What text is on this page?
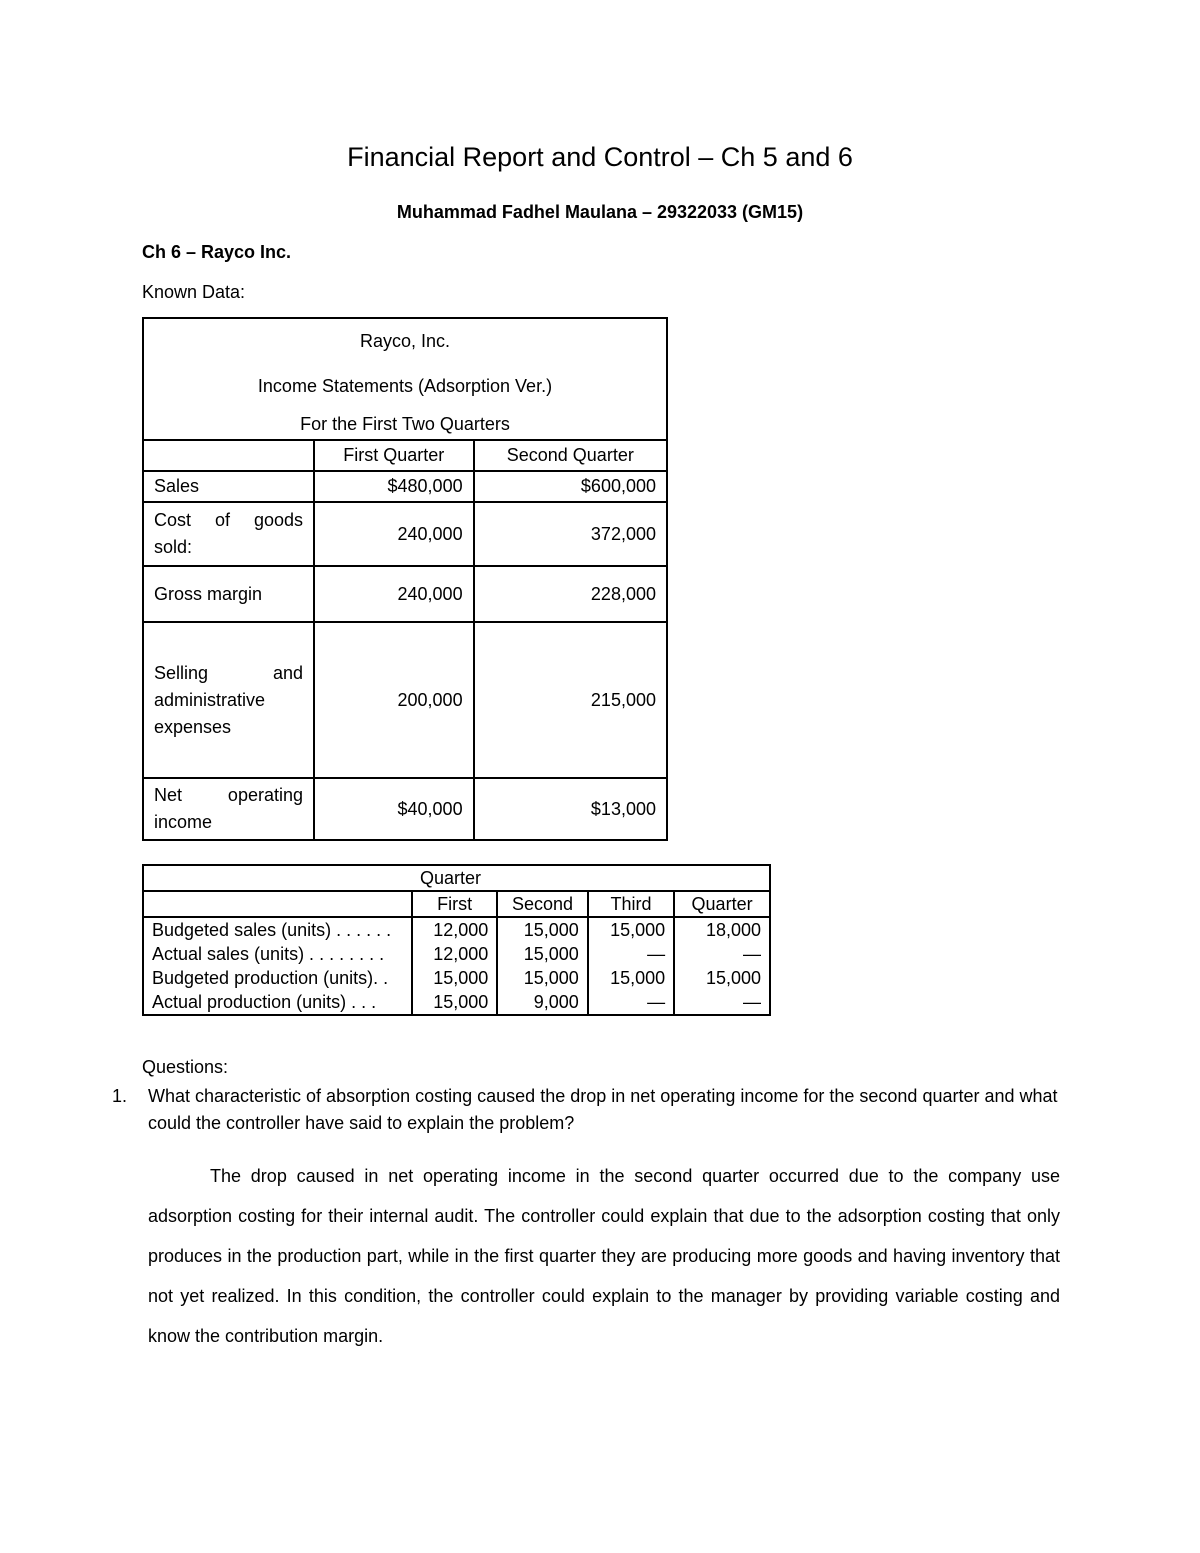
Financial Report and Control – Ch 5 and 6
Muhammad Fadhel Maulana – 29322033 (GM15)
Ch 6 – Rayco Inc.
Known Data:
Rayco, Inc.
Income Statements (Adsorption Ver.)
For the First Two Quarters		

	First Quarter	Second Quarter
Sales	$480,000	$600,000
Cost of goods sold:	240,000	372,000
Gross margin	240,000	228,000
Selling and administrative expenses	200,000	215,000
Net operating income	$40,000	$13,000
	Quarter			
	First	Second	Third	Quarter
Budgeted sales (units) . . . . . .	12,000	15,000	15,000	18,000
Actual sales (units) . . . . . . . .	12,000	15,000	—	—
Budgeted production (units). .	15,000	15,000	15,000	15,000
Actual production (units) . . .	15,000	9,000	—	—
Questions:
1. What characteristic of absorption costing caused the drop in net operating income for the second quarter and what could the controller have said to explain the problem?
The drop caused in net operating income in the second quarter occurred due to the company use adsorption costing for their internal audit. The controller could explain that due to the adsorption costing that only produces in the production part, while in the first quarter they are producing more goods and having inventory that not yet realized. In this condition, the controller could explain to the manager by providing variable costing and know the contribution margin.
